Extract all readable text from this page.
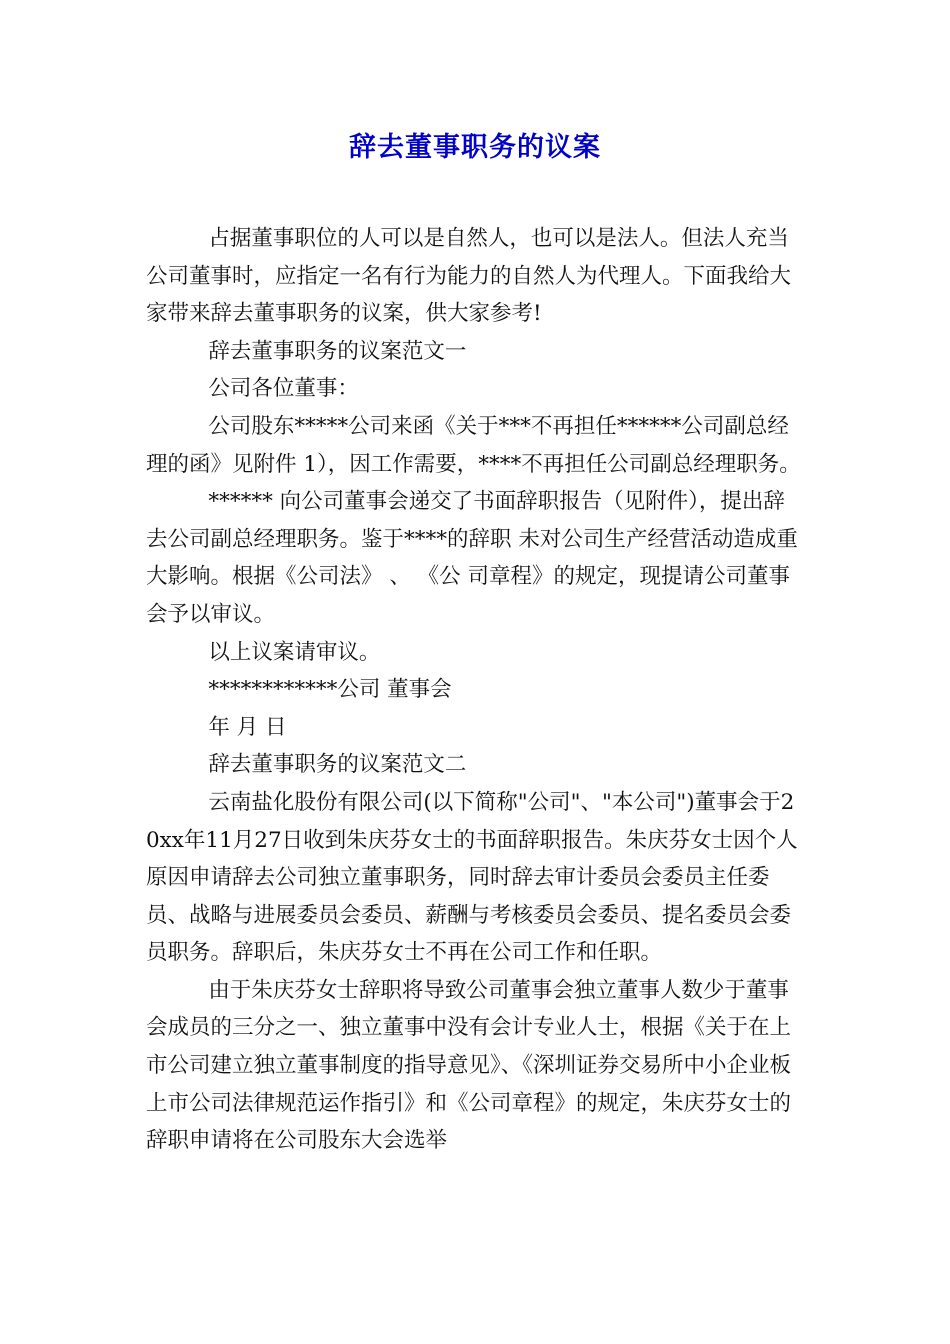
辞去董事职务的议案

占据董事职位的人可以是自然人，也可以是法人。但法人充当公司董事时，应指定一名有行为能力的自然人为代理人。下面我给大家带来辞去董事职务的议案，供大家参考!

辞去董事职务的议案范文一

公司各位董事：

公司股东*****公司来函《关于***不再担任******公司副总经理的函》见附件 1），因工作需要，****不再担任公司副总经理职务。

****** 向公司董事会递交了书面辞职报告（见附件），提出辞去公司副总经理职务。鉴于****的辞职 未对公司生产经营活动造成重大影响。根据《公司法》 、 《公 司章程》的规定，现提请公司董事会予以审议。

以上议案请审议。

************公司 董事会

年 月 日

辞去董事职务的议案范文二

云南盐化股份有限公司(以下简称"公司"、"本公司")董事会于20xx年11月27日收到朱庆芬女士的书面辞职报告。朱庆芬女士因个人原因申请辞去公司独立董事职务，同时辞去审计委员会委员主任委员、战略与进展委员会委员、薪酬与考核委员会委员、提名委员会委员职务。辞职后，朱庆芬女士不再在公司工作和任职。

由于朱庆芬女士辞职将导致公司董事会独立董事人数少于董事会成员的三分之一、独立董事中没有会计专业人士，根据《关于在上市公司建立独立董事制度的指导意见》、《深圳证券交易所中小企业板上市公司法律规范运作指引》和《公司章程》的规定，朱庆芬女士的辞职申请将在公司股东大会选举
